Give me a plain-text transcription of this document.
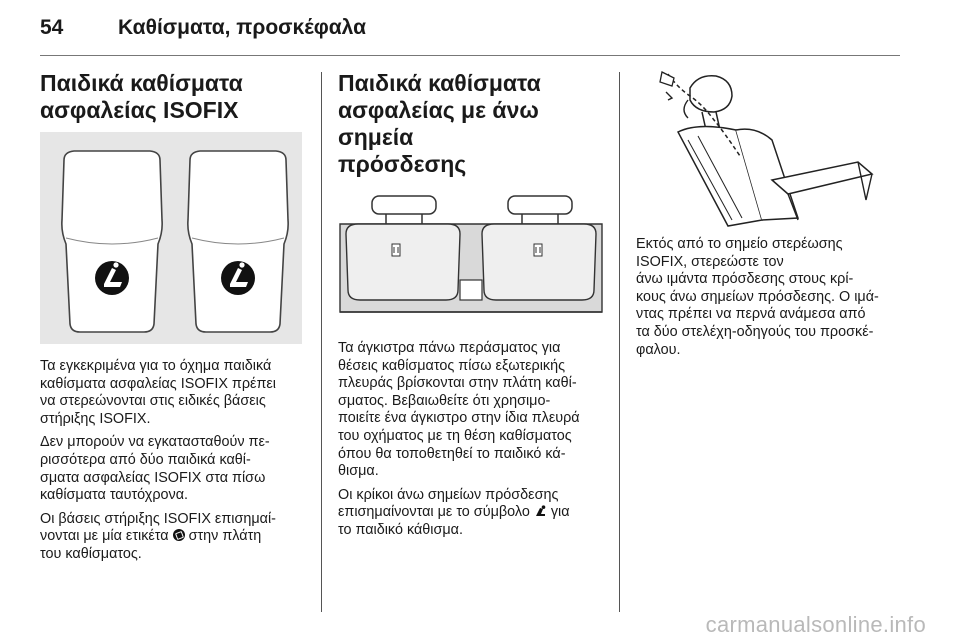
54	Καθίσματα, προσκέφαλα
Παιδικά καθίσματα
ασφαλείας ISOFIX

Τα εγκεκριμένα για το όχημα παιδικά
καθίσματα ασφαλείας ISOFIX πρέπει
να στερεώνονται στις ειδικές βάσεις
στήριξης ISOFIX.

Δεν μπορούν να εγκατασταθούν πε-
ρισσότερα από δύο παιδικά καθί-
σματα ασφαλείας ISOFIX στα πίσω
καθίσματα ταυτόχρονα.

Οι βάσεις στήριξης ISOFIX επισημαί-
νονται με μία ετικέτα στην πλάτη
του καθίσματος.

Παιδικά καθίσματα
ασφαλείας με άνω σημεία
πρόσδεσης

Τα άγκιστρα πάνω περάσματος για
θέσεις καθίσματος πίσω εξωτερικής
πλευράς βρίσκονται στην πλάτη καθί-
σματος. Βεβαιωθείτε ότι χρησιμο-
ποιείτε ένα άγκιστρο στην ίδια πλευρά
του οχήματος με τη θέση καθίσματος
όπου θα τοποθετηθεί το παιδικό κά-
θισμα.

Οι κρίκοι άνω σημείων πρόσδεσης
επισημαίνονται με το σύμβολο για
το παιδικό κάθισμα.

Εκτός από το σημείο στερέωσης
ISOFIX, στερεώστε τον
άνω ιμάντα πρόσδεσης στους κρί-
κους άνω σημείων πρόσδεσης. Ο ιμά-
ντας πρέπει να περνά ανάμεσα από
τα δύο στελέχη-οδηγούς του προσκέ-
φαλου.

carmanualsonline.info
